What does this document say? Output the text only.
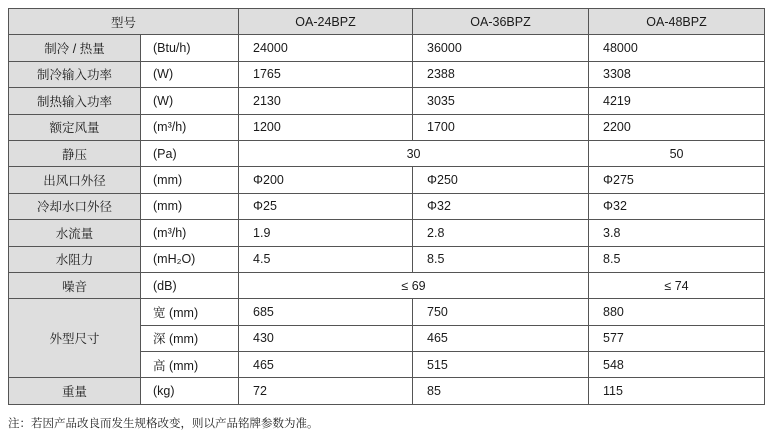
型号		OA-24BPZ	OA-36BPZ	OA-48BPZ
制冷 / 热量	(Btu/h)	24000	36000	48000
制冷输入功率	(W)	1765	2388	3308
制热输入功率	(W)	2130	3035	4219
额定风量	(m³/h)	1200	1700	2200
静压	(Pa)	30		50
出风口外径	(mm)	Φ200	Φ250	Φ275
冷却水口外径	(mm)	Φ25	Φ32	Φ32
水流量	(m³/h)	1.9	2.8	3.8
水阻力	(mH₂O)	4.5	8.5	8.5
噪音	(dB)	≤ 69		≤ 74
外型尺寸	宽 (mm)	685	750	880
	深 (mm)	430	465	577
	高 (mm)	465	515	548
重量	(kg)	72	85	115
注：若因产品改良而发生规格改变，则以产品铭牌参数为准。
